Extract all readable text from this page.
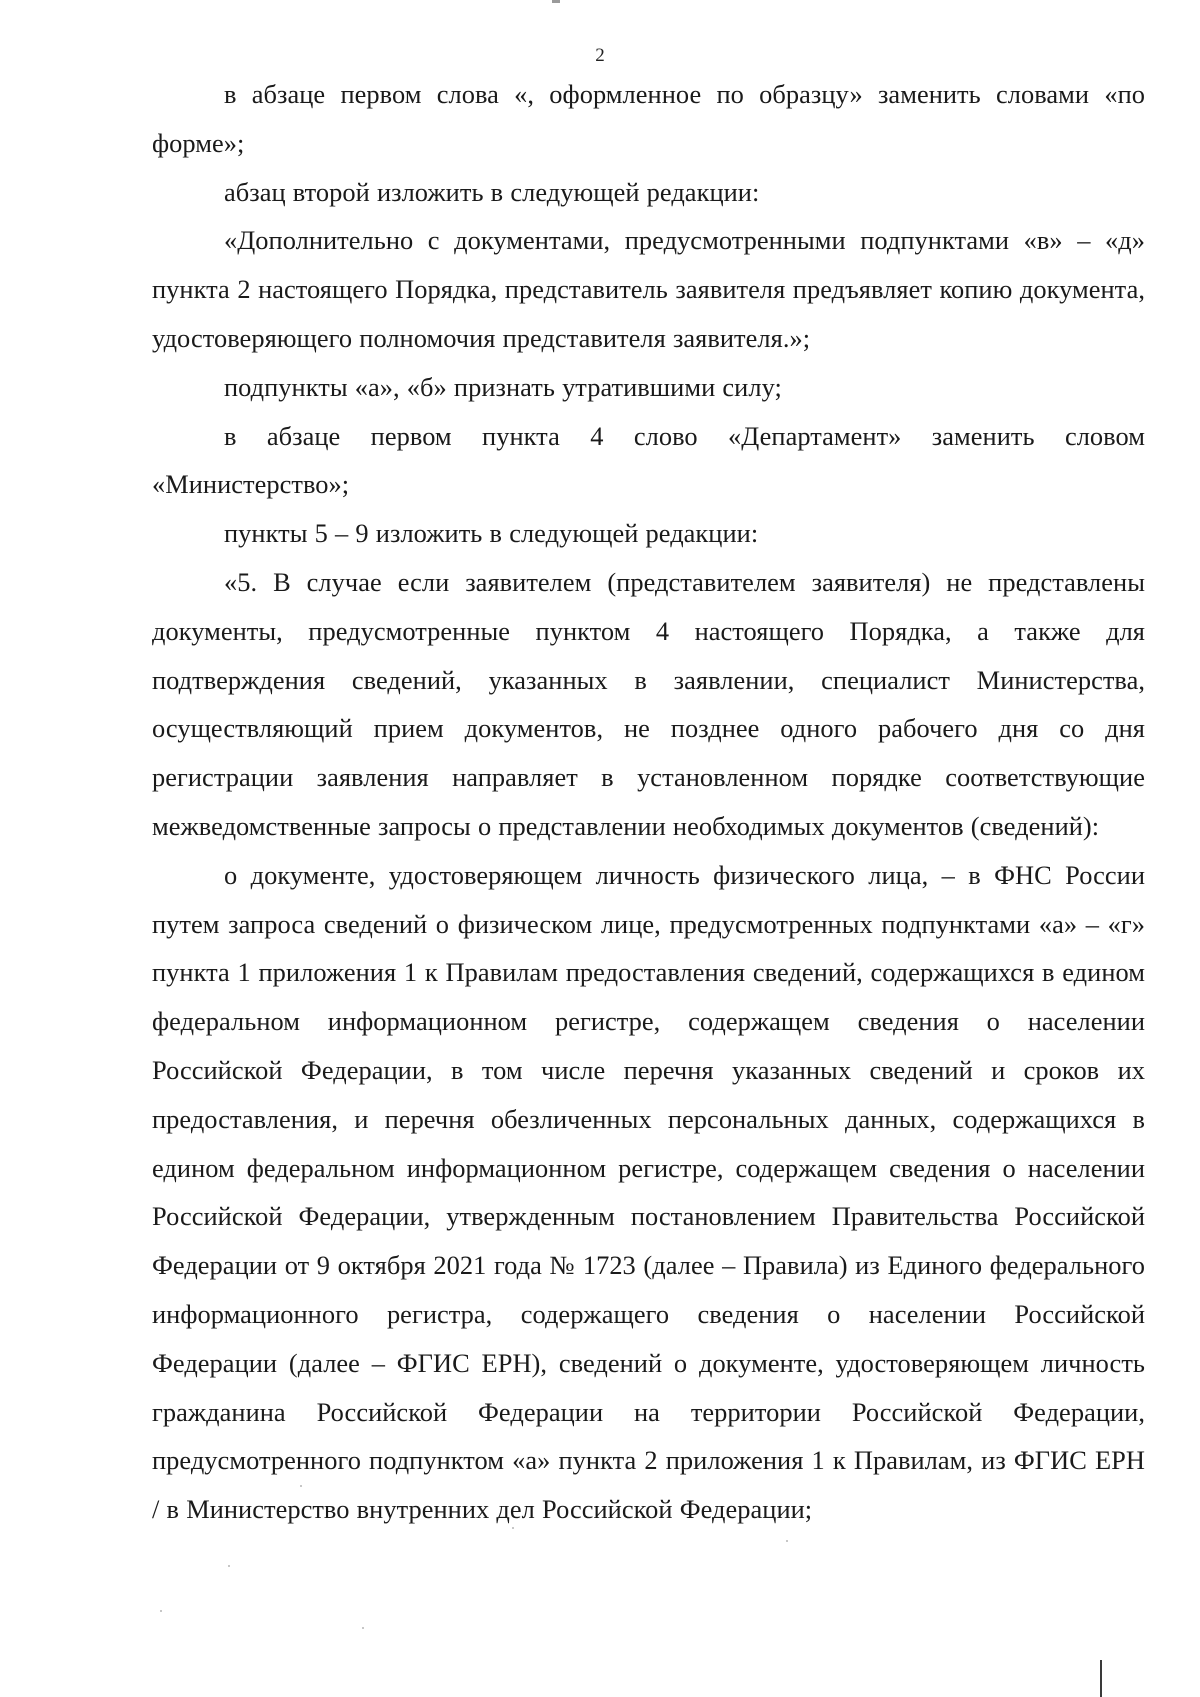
2

в абзаце первом слова «, оформленное по образцу» заменить словами «по форме»;

абзац второй изложить в следующей редакции:

«Дополнительно с документами, предусмотренными подпунктами «в» – «д» пункта 2 настоящего Порядка, представитель заявителя предъявляет копию документа, удостоверяющего полномочия представителя заявителя.»;

подпункты «а», «б» признать утратившими силу;

в абзаце первом пункта 4 слово «Департамент» заменить словом «Министерство»;

пункты 5 – 9 изложить в следующей редакции:

«5. В случае если заявителем (представителем заявителя) не представлены документы, предусмотренные пунктом 4 настоящего Порядка, а также для подтверждения сведений, указанных в заявлении, специалист Министерства, осуществляющий прием документов, не позднее одного рабочего дня со дня регистрации заявления направляет в установленном порядке соответствующие межведомственные запросы о представлении необходимых документов (сведений):

о документе, удостоверяющем личность физического лица, – в ФНС России путем запроса сведений о физическом лице, предусмотренных подпунктами «а» – «г» пункта 1 приложения 1 к Правилам предоставления сведений, содержащихся в едином федеральном информационном регистре, содержащем сведения о населении Российской Федерации, в том числе перечня указанных сведений и сроков их предоставления, и перечня обезличенных персональных данных, содержащихся в едином федеральном информационном регистре, содержащем сведения о населении Российской Федерации, утвержденным постановлением Правительства Российской Федерации от 9 октября 2021 года № 1723 (далее – Правила) из Единого федерального информационного регистра, содержащего сведения о населении Российской Федерации (далее – ФГИС ЕРН), сведений о документе, удостоверяющем личность гражданина Российской Федерации на территории Российской Федерации, предусмотренного подпунктом «а» пункта 2 приложения 1 к Правилам, из ФГИС ЕРН / в Министерство внутренних дел Российской Федерации;
